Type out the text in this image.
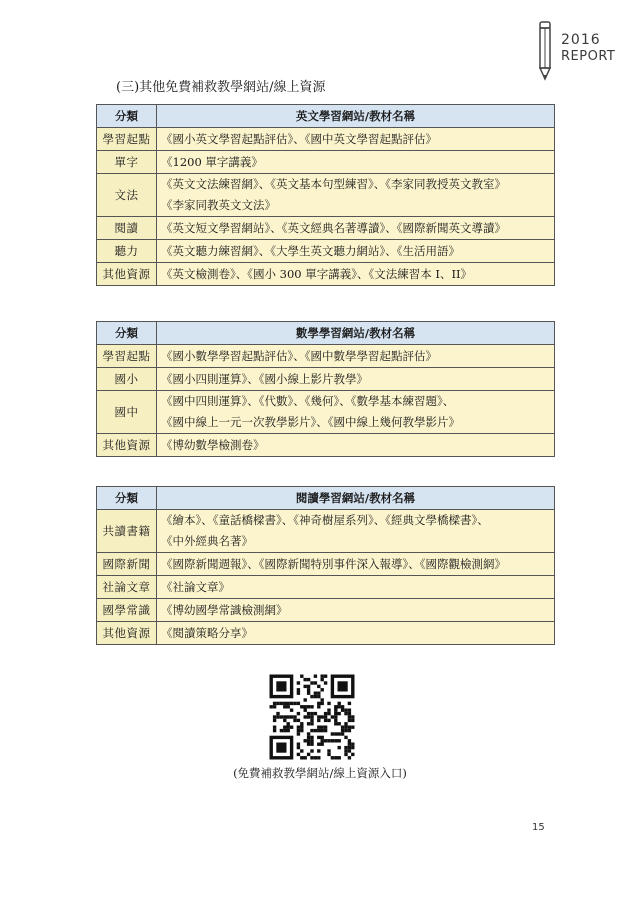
2016
REPORT
(三)其他免費補救教學網站/線上資源
分類	英文學習網站/教材名稱
學習起點	《國小英文學習起點評估》、《國中英文學習起點評估》

單字	《1200 單字講義》

文法	《英文文法練習網》、《英文基本句型練習》、《李家同教授英文教室》
《李家同教英文文法》

閱讀	《英文短文學習網站》、《英文經典名著導讀》、《國際新聞英文導讀》

聽力	《英文聽力練習網》、《大學生英文聽力網站》、《生活用語》

其他資源	《英文檢測卷》、《國小 300 單字講義》、《文法練習本 I、II》
分類	數學學習網站/教材名稱
學習起點	《國小數學學習起點評估》、《國中數學學習起點評估》

國小	《國小四則運算》、《國小線上影片教學》

國中	《國中四則運算》、《代數》、《幾何》、《數學基本練習題》、
《國中線上一元一次教學影片》、《國中線上幾何教學影片》

其他資源	《博幼數學檢測卷》
分類	閱讀學習網站/教材名稱
共讀書籍	《繪本》、《童話橋樑書》、《神奇樹屋系列》、《經典文學橋樑書》、
《中外經典名著》

國際新聞	《國際新聞週報》、《國際新聞特別事件深入報導》、《國際觀檢測網》

社論文章	《社論文章》

國學常識	《博幼國學常識檢測網》

其他資源	《閱讀策略分享》
(免費補救教學網站/線上資源入口)
15
